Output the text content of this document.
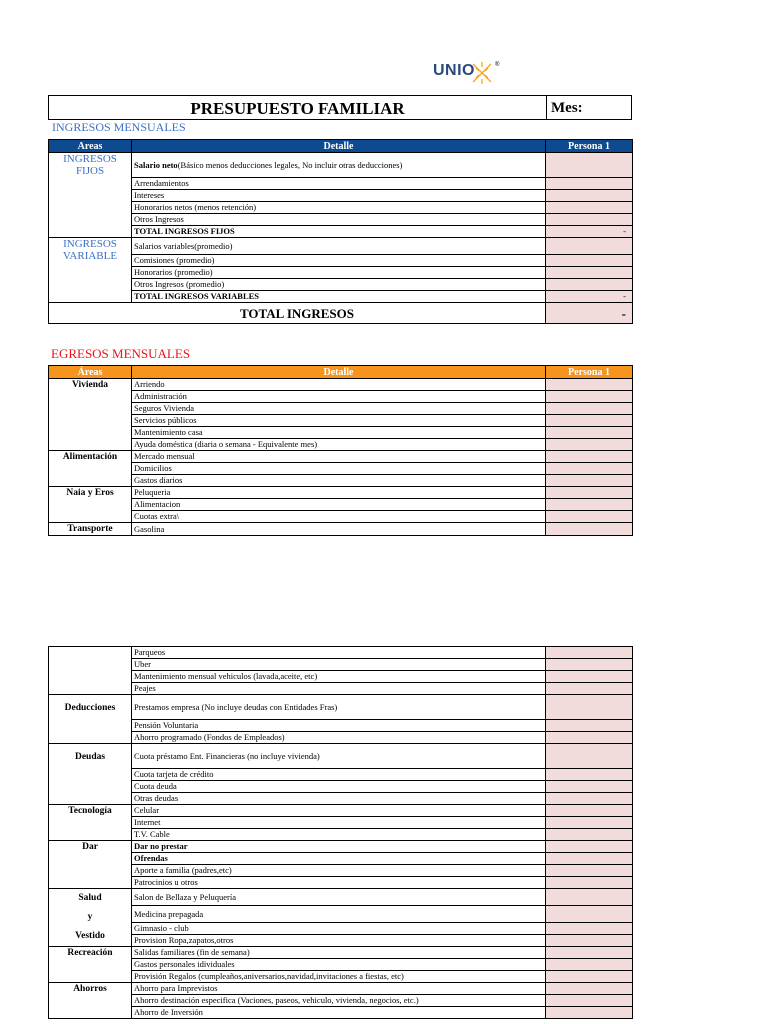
UNIO	®
PRESUPUESTO FAMILIAR	Mes:
INGRESOS MENSUALES
Areas	Detalle	Persona 1
INGRESOS FIJOS	Salario neto(Básico menos deducciones legales, No incluir otras deducciones)	
	Arrendamientos	
	Intereses	
	Honorarios netos (menos retención)	
	Otros Ingresos	
	TOTAL INGRESOS FIJOS	-
INGRESOS VARIABLE	Salarios variables(promedio)	
	Comisiones (promedio)	
	Honorarios (promedio)	
	Otros Ingresos (promedio)	
	TOTAL INGRESOS VARIABLES	-
TOTAL INGRESOS		-
EGRESOS MENSUALES
Áreas	Detalle	Persona 1
Vivienda	Arriendo	
	Administración	
	Seguros Vivienda	
	Servicios públicos	
	Mantenimiento casa	
	Ayuda doméstica (diaria o semana - Equivalente mes)	
Alimentación	Mercado mensual	
	Domicilios	
	Gastos diarios	
Naia y Eros	Peluqueria	
	Alimentacion	
	Cuotas extra\	
Transporte	Gasolina	
	Parqueos	
	Uber	
	Mantenimiento mensual vehiculos (lavada,aceite, etc)	
	Peajes	
Deducciones	Prestamos empresa (No incluye deudas con Entidades Fras)	
	Pensión Voluntaria	
	Ahorro programado (Fondos de Empleados)	
Deudas	Cuota préstamo Ent. Financieras (no incluye vivienda)	
	Cuota tarjeta de crédito	
	Cuota deuda	
	Otras deudas	
Tecnología	Celular	
	Internet	
	T.V. Cable	
Dar	Dar no prestar	
	Ofrendas	
	Aporte a familia (padres,etc)	
	Patrocinios u otros	

Salud
y
Vestido	Salon de Bellaza y Peluquería	
	Medicina prepagada	
	Gimnasio - club	
	Provision Ropa,zapatos,otros	
Recreación	Salidas familiares (fin de semana)	
	Gastos personales idividuales	
	Provisión Regalos (cumpleaños,aniversarios,navidad,invitaciones a fiestas, etc)	
Ahorros	Ahorro para Imprevistos	
	Ahorro destinación especifica (Vaciones, paseos, vehiculo, vivienda, negocios, etc.)	
	Ahorro de Inversión	
